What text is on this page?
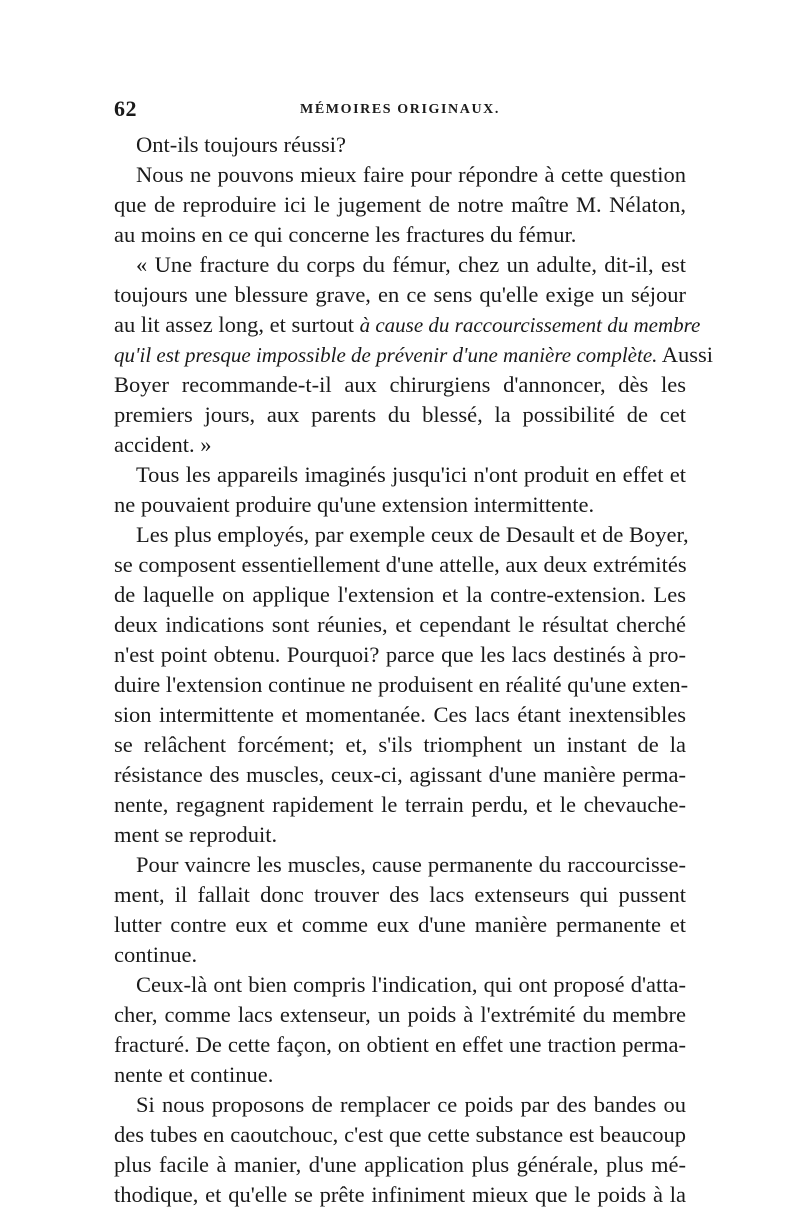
62	MÉMOIRES ORIGINAUX.
Ont-ils toujours réussi?
Nous ne pouvons mieux faire pour répondre à cette question
que de reproduire ici le jugement de notre maître M. Nélaton,
au moins en ce qui concerne les fractures du fémur.
« Une fracture du corps du fémur, chez un adulte, dit-il, est
toujours une blessure grave, en ce sens qu'elle exige un séjour
au lit assez long, et surtout à cause du raccourcissement du membre
qu'il est presque impossible de prévenir d'une manière complète. Aussi
Boyer recommande-t-il aux chirurgiens d'annoncer, dès les
premiers jours, aux parents du blessé, la possibilité de cet
accident. »
Tous les appareils imaginés jusqu'ici n'ont produit en effet et
ne pouvaient produire qu'une extension intermittente.
Les plus employés, par exemple ceux de Desault et de Boyer,
se composent essentiellement d'une attelle, aux deux extrémités
de laquelle on applique l'extension et la contre-extension. Les
deux indications sont réunies, et cependant le résultat cherché
n'est point obtenu. Pourquoi? parce que les lacs destinés à pro-
duire l'extension continue ne produisent en réalité qu'une exten-
sion intermittente et momentanée. Ces lacs étant inextensibles
se relâchent forcément; et, s'ils triomphent un instant de la
résistance des muscles, ceux-ci, agissant d'une manière perma-
nente, regagnent rapidement le terrain perdu, et le chevauche-
ment se reproduit.
Pour vaincre les muscles, cause permanente du raccourcisse-
ment, il fallait donc trouver des lacs extenseurs qui pussent
lutter contre eux et comme eux d'une manière permanente et
continue.
Ceux-là ont bien compris l'indication, qui ont proposé d'atta-
cher, comme lacs extenseur, un poids à l'extrémité du membre
fracturé. De cette façon, on obtient en effet une traction perma-
nente et continue.
Si nous proposons de remplacer ce poids par des bandes ou
des tubes en caoutchouc, c'est que cette substance est beaucoup
plus facile à manier, d'une application plus générale, plus mé-
thodique, et qu'elle se prête infiniment mieux que le poids à la
